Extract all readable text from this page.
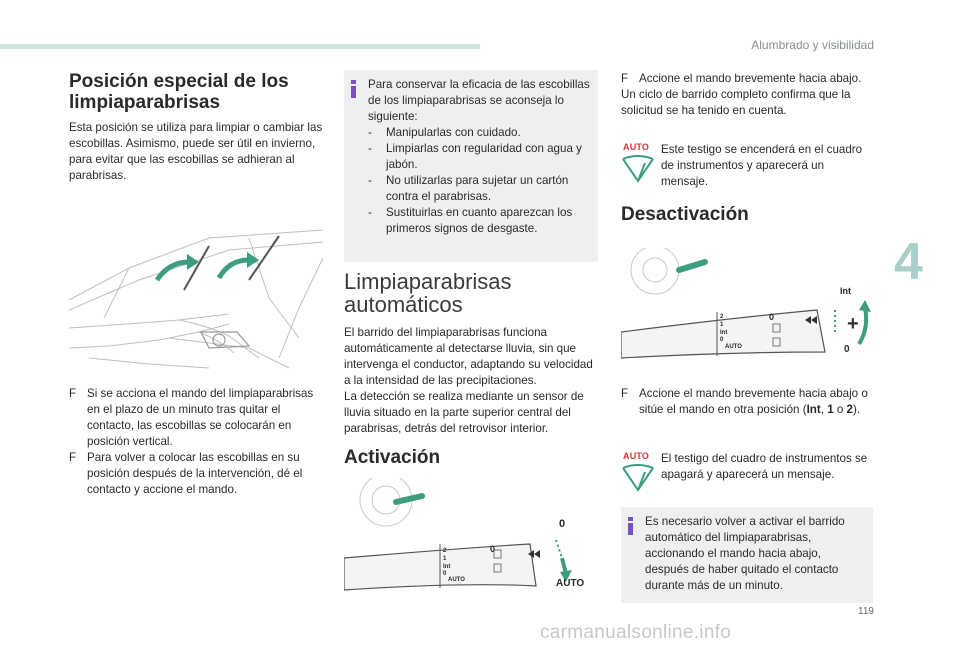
Alumbrado y visibilidad
4
Posición especial de los
limpiaparabrisas

Esta posición se utiliza para limpiar o cambiar las escobillas. Asimismo, puede ser útil en invierno, para evitar que las escobillas se adhieran al parabrisas.

F Si se acciona el mando del limpiaparabrisas en el plazo de un minuto tras quitar el contacto, las escobillas se colocarán en posición vertical.
F Para volver a colocar las escobillas en su posición después de la intervención, dé el contacto y accione el mando.

Para conservar la eficacia de las escobillas de los limpiaparabrisas se aconseja lo siguiente:

- Manipularlas con cuidado.
- Limpiarlas con regularidad con agua y jabón.
- No utilizarlas para sujetar un cartón contra el parabrisas.
- Sustituirlas en cuanto aparezcan los primeros signos de desgaste.
Limpiaparabrisas
automáticos

El barrido del limpiaparabrisas funciona automáticamente al detectarse lluvia, sin que intervenga el conductor, adaptando su velocidad a la intensidad de las precipitaciones.
La detección se realiza mediante un sensor de lluvia situado en la parte superior central del parabrisas, detrás del retrovisor interior.

Activación
0
AUTO
2
1
Int
0
AUTO
0
F Accione el mando brevemente hacia abajo.

Un ciclo de barrido completo confirma que la solicitud se ha tenido en cuenta.

AUTO Este testigo se encenderá en el cuadro de instrumentos y aparecerá un mensaje.

Desactivación
+
Int
0
2
1
Int
0
AUTO
0
F Accione el mando brevemente hacia abajo o sitúe el mando en otra posición (Int, 1 o 2).
AUTO El testigo del cuadro de instrumentos se apagará y aparecerá un mensaje.

Es necesario volver a activar el barrido automático del limpiaparabrisas, accionando el mando hacia abajo, después de haber quitado el contacto durante más de un minuto.

119
carmanualsonline.info
